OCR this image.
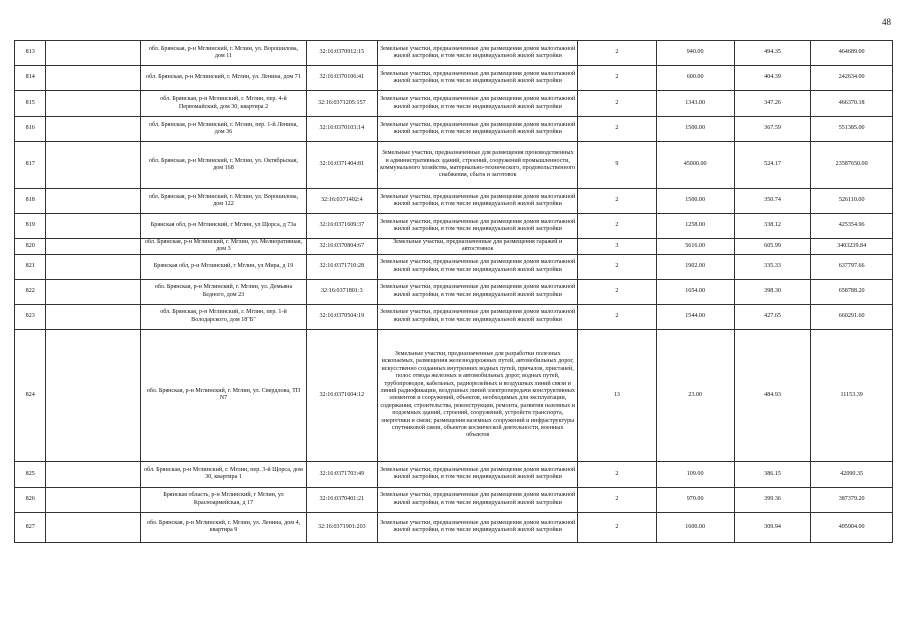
48
813		обл. Брянская, р-н Мглинский, г. Мглин, ул. Ворошилова, дом 11	32:16:0370912:15	Земельные участки, предназначенные для размещения домов малоэтажной жилой застройки, в том числе индивидуальной жилой застройки	2	940.00	494.35	464689.00
814		обл. Брянская, р-н Мглинский, г. Мглин, ул. Ленина, дом 71	32:16:0370106:41	Земельные участки, предназначенные для размещения домов малоэтажной жилой застройки, в том числе индивидуальной жилой застройки	2	600.00	404.39	242634.00
815		обл. Брянская, р-н Мглинский, г. Мглин, пер. 4-й Первомайский, дом 30, квартира 2	32:16:0371205:157	Земельные участки, предназначенные для размещения домов малоэтажной жилой застройки, в том числе индивидуальной жилой застройки	2	1343.00	347.26	466370.18
816		обл. Брянская, р-н Мглинский, г. Мглин, пер. 1-й Ленина, дом 36	32:16:0370103:14	Земельные участки, предназначенные для размещения домов малоэтажной жилой застройки, в том числе индивидуальной жилой застройки	2	1500.00	367.59	551385.00
817		обл. Брянская, р-н Мглинский, г. Мглин, ул. Октябрьская, дом 168	32:16:0371404:81	Земельные участки, предназначенные для размещения производственных и административных зданий, строений, сооружений промышленности, коммунального хозяйства, материально-технического, продовольственного снабжения, сбыта и заготовок	9	45000.00	524.17	23587650.00
818		обл. Брянская, р-н Мглинский, г. Мглин, ул. Ворошилова, дом 122	32:16:0371402:4	Земельные участки, предназначенные для размещения домов малоэтажной жилой застройки, в том числе индивидуальной жилой застройки	2	1500.00	350.74	526110.00
819		Брянская обл, р-н Мглинский, г Мглин, ул Щорса, д 73а	32:16:0371609:37	Земельные участки, предназначенные для размещения домов малоэтажной жилой застройки, в том числе индивидуальной жилой застройки	2	1258.00	338.12	425354.96
820		обл. Брянская, р-н Мглинский, г. Мглин, ул. Мелиоративная, дом 3	32:16:0370804:67	Земельные участки, предназначенные для размещения гаражей и автостоянок	3	5616.00	605.99	3403239.84
821		Брянская обл, р-н Мглинский, г Мглин, ул Мира, д 19	32:16:0371710:28	Земельные участки, предназначенные для размещения домов малоэтажной жилой застройки, в том числе индивидуальной жилой застройки	2	1902.00	335.33	637797.66
822		обл. Брянская, р-н Мглинский, г. Мглин, ул. Демьяна Бедного, дом 23	32:16:0371801:3	Земельные участки, предназначенные для размещения домов малоэтажной жилой застройки, в том числе индивидуальной жилой застройки	2	1654.00	398.30	658788.20
823		обл. Брянская, р-н Мглинский, г. Мглин, пер. 1-й Володарского, дом 18"Б"	32:16:0370504:19	Земельные участки, предназначенные для размещения домов малоэтажной жилой застройки, в том числе индивидуальной жилой застройки	2	1544.00	427.65	660291.60
824		обл. Брянская, р-н Мглинский, г. Мглин, ул. Свердлова, ТП N7	32:16:0371604:12	Земельные участки, предназначенные для разработки полезных ископаемых, размещения железнодорожных путей, автомобильных дорог, искусственно созданных внутренних водных путей, причалов, пристаней, полос отвода железных и автомобильных дорог, водных путей, трубопроводов, кабельных, радиорелейных и воздушных линий связи и линий радиофикации, воздушных линий электропередачи конструктивных элементов и сооружений, объектов, необходимых для эксплуатации, содержания, строительства, реконструкции, ремонта, развития наземных и подземных зданий, строений, сооружений, устройств транспорта, энергетики и связи; размещения наземных сооружений и инфраструктуры спутниковой связи, объектов космической деятельности, военных объектов	13	23.00	484.93	11153.39
825		обл. Брянская, р-н Мглинский, г. Мглин, пер. 3-й Щорса, дом 30, квартира 1	32:16:0371703:49	Земельные участки, предназначенные для размещения домов малоэтажной жилой застройки, в том числе индивидуальной жилой застройки	2	109.00	386.15	42090.35
826		Брянская область, р-н Мглинский, г Мглин, ул Красноармейская, д 17	32:16:0370401:21	Земельные участки, предназначенные для размещения домов малоэтажной жилой застройки, в том числе индивидуальной жилой застройки	2	970.00	399.36	387379.20
827		обл. Брянская, р-н Мглинский, г. Мглин, ул. Ленина, дом 4, квартира 9	32:16:0371901:203	Земельные участки, предназначенные для размещения домов малоэтажной жилой застройки, в том числе индивидуальной жилой застройки	2	1600.00	309.94	495904.00
